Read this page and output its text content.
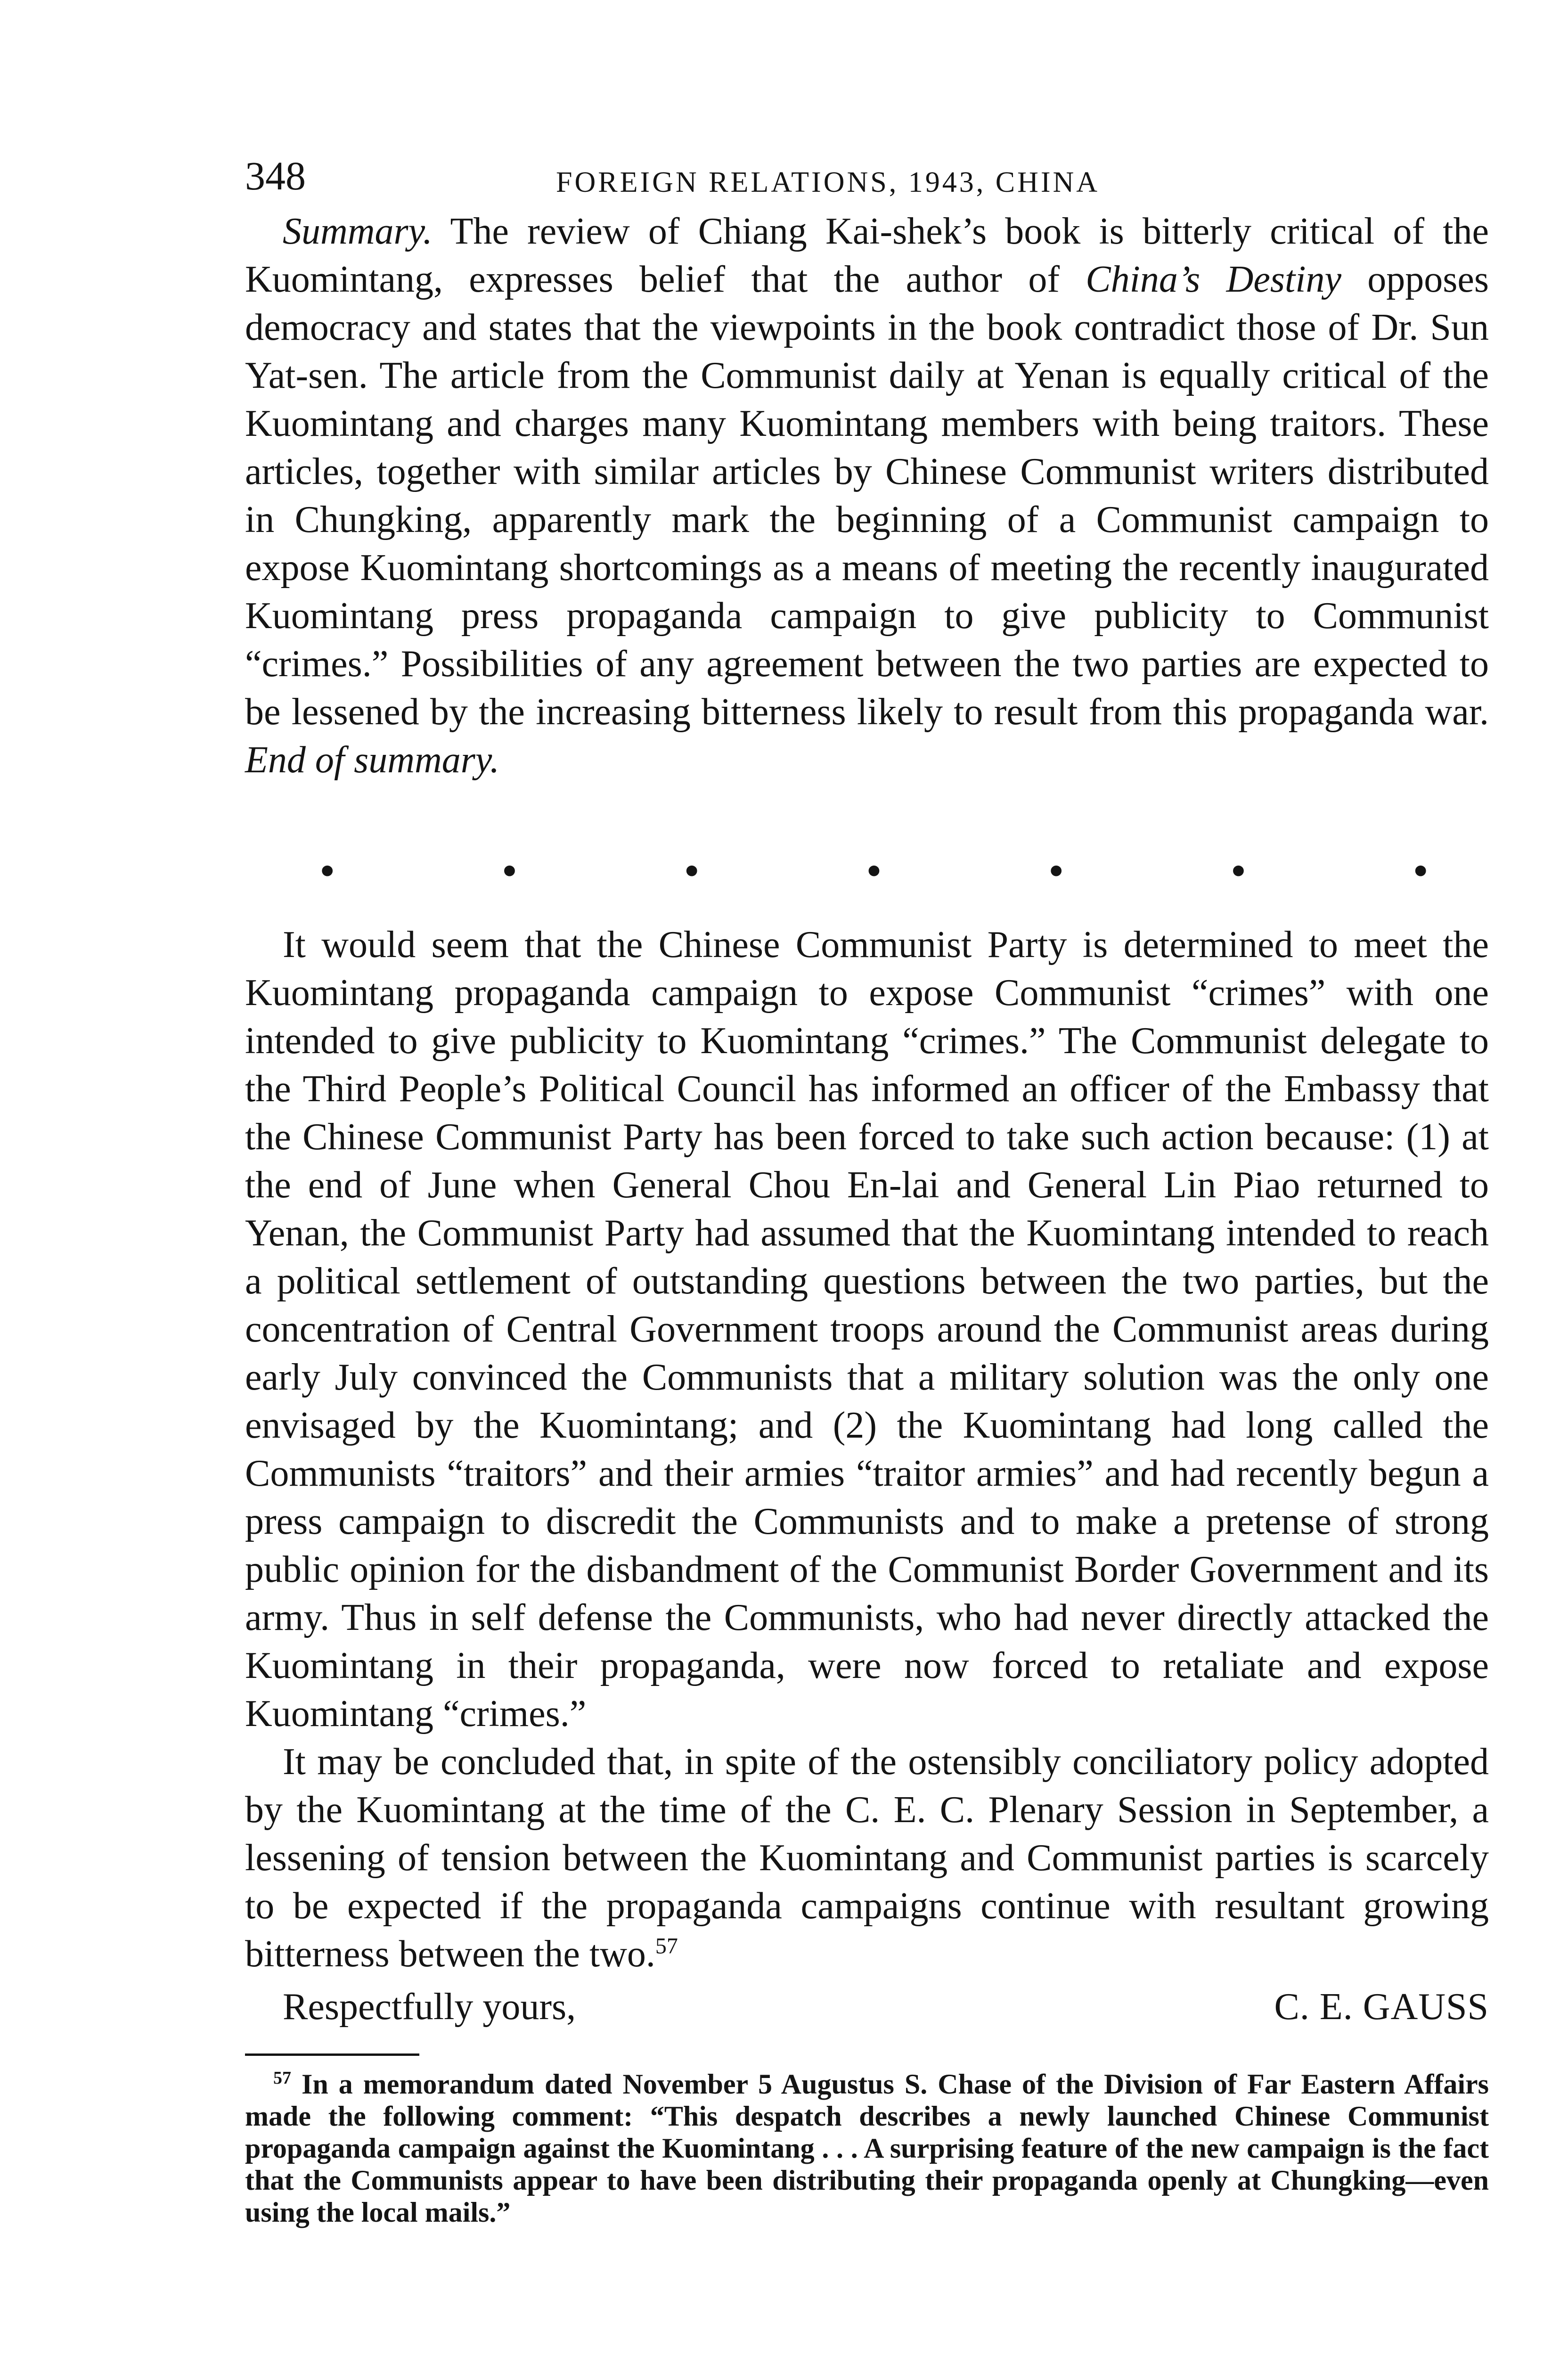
348	FOREIGN RELATIONS, 1943, CHINA

Summary. The review of Chiang Kai-shek’s book is bitterly critical of the Kuomintang, expresses belief that the author of China’s Destiny opposes democracy and states that the viewpoints in the book contradict those of Dr. Sun Yat-sen. The article from the Communist daily at Yenan is equally critical of the Kuomintang and charges many Kuomintang members with being traitors. These articles, together with similar articles by Chinese Communist writers distributed in Chungking, apparently mark the beginning of a Communist campaign to expose Kuomintang shortcomings as a means of meeting the recently inaugurated Kuomintang press propaganda campaign to give publicity to Communist “crimes.” Possibilities of any agreement between the two parties are expected to be lessened by the increasing bitterness likely to result from this propaganda war. End of summary.

•	•	•	•	•	•	•

It would seem that the Chinese Communist Party is determined to meet the Kuomintang propaganda campaign to expose Communist “crimes” with one intended to give publicity to Kuomintang “crimes.” The Communist delegate to the Third People’s Political Council has informed an officer of the Embassy that the Chinese Communist Party has been forced to take such action because: (1) at the end of June when General Chou En-lai and General Lin Piao returned to Yenan, the Communist Party had assumed that the Kuomintang intended to reach a political settlement of outstanding questions between the two parties, but the concentration of Central Government troops around the Communist areas during early July convinced the Communists that a military solution was the only one envisaged by the Kuomintang; and (2) the Kuomintang had long called the Communists “traitors” and their armies “traitor armies” and had recently begun a press campaign to discredit the Communists and to make a pretense of strong public opinion for the disbandment of the Communist Border Government and its army. Thus in self defense the Communists, who had never directly attacked the Kuomintang in their propaganda, were now forced to retaliate and expose Kuomintang “crimes.”

It may be concluded that, in spite of the ostensibly conciliatory policy adopted by the Kuomintang at the time of the C. E. C. Plenary Session in September, a lessening of tension between the Kuomintang and Communist parties is scarcely to be expected if the propaganda campaigns continue with resultant growing bitterness between the two.$^{57}$

Respectfully yours,	C. E. GAUSS

$^{57}$ In a memorandum dated November 5 Augustus S. Chase of the Division of Far Eastern Affairs made the following comment: “This despatch describes a newly launched Chinese Communist propaganda campaign against the Kuomintang . . . A surprising feature of the new campaign is the fact that the Communists appear to have been distributing their propaganda openly at Chungking—even using the local mails.”
